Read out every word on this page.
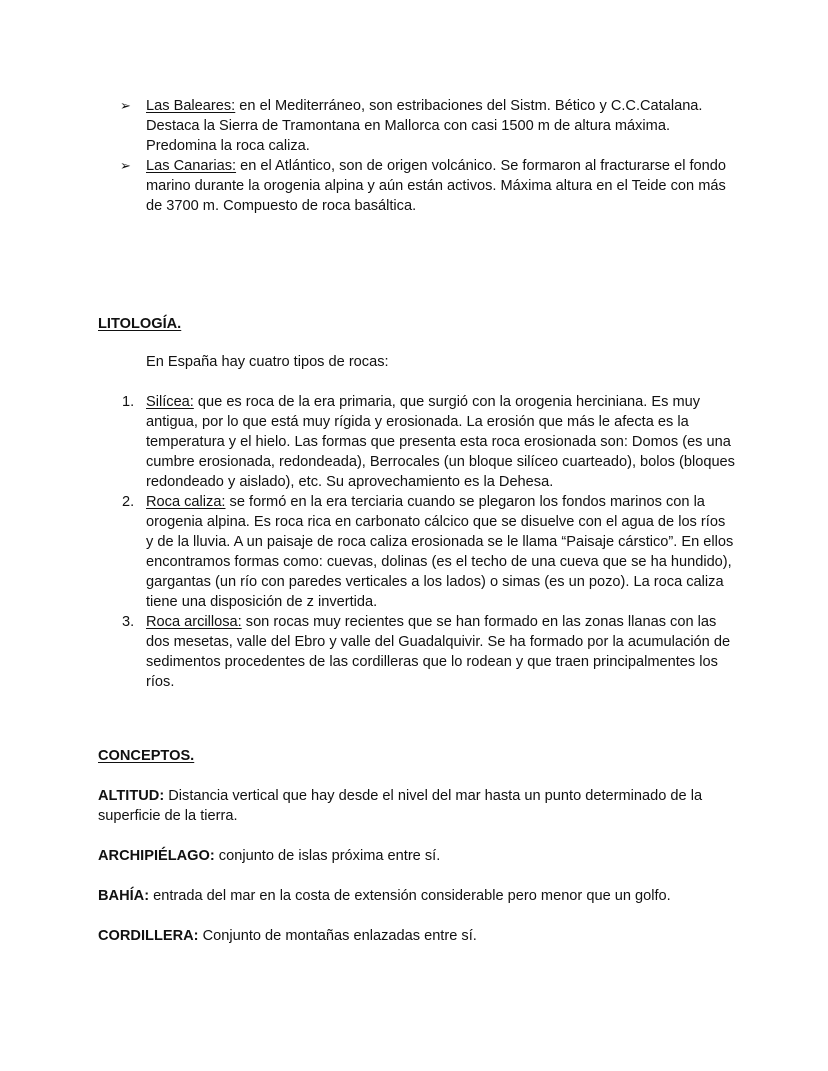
➢ Las Baleares: en el Mediterráneo, son estribaciones del Sistm. Bético y C.C.Catalana. Destaca la Sierra de Tramontana en Mallorca con casi 1500 m de altura máxima. Predomina la roca caliza.
➢ Las Canarias: en el Atlántico, son de origen volcánico. Se formaron al fracturarse el fondo marino durante la orogenia alpina y aún están activos. Máxima altura en el Teide con más de 3700 m. Compuesto de roca basáltica.
LITOLOGÍA.
En España hay cuatro tipos de rocas:
1. Silícea: que es roca de la era primaria, que surgió con la orogenia herciniana. Es muy antigua, por lo que está muy rígida y erosionada. La erosión que más le afecta es la temperatura y el hielo. Las formas que presenta esta roca erosionada son: Domos (es una cumbre erosionada, redondeada), Berrocales (un bloque silíceo cuarteado), bolos (bloques redondeado y aislado), etc. Su aprovechamiento es la Dehesa.
2. Roca caliza: se formó en la era terciaria cuando se plegaron los fondos marinos con la orogenia alpina. Es roca rica en carbonato cálcico que se disuelve con el agua de los ríos y de la lluvia. A un paisaje de roca caliza erosionada se le llama “Paisaje cárstico”. En ellos encontramos formas como: cuevas, dolinas (es el techo de una cueva que se ha hundido), gargantas (un río con paredes verticales a los lados) o simas (es un pozo). La roca caliza tiene una disposición de z invertida.
3. Roca arcillosa: son rocas muy recientes que se han formado en las zonas llanas con las dos mesetas, valle del Ebro y valle del Guadalquivir. Se ha formado por la acumulación de sedimentos procedentes de las cordilleras que lo rodean y que traen principalmentes los ríos.
CONCEPTOS.
ALTITUD: Distancia vertical que hay desde el nivel del mar hasta un punto determinado de la superficie de la tierra.
ARCHIPIÉLAGO: conjunto de islas próxima entre sí.
BAHÍA: entrada del mar en la costa de extensión considerable pero menor que un golfo.
CORDILLERA: Conjunto de montañas enlazadas entre sí.
